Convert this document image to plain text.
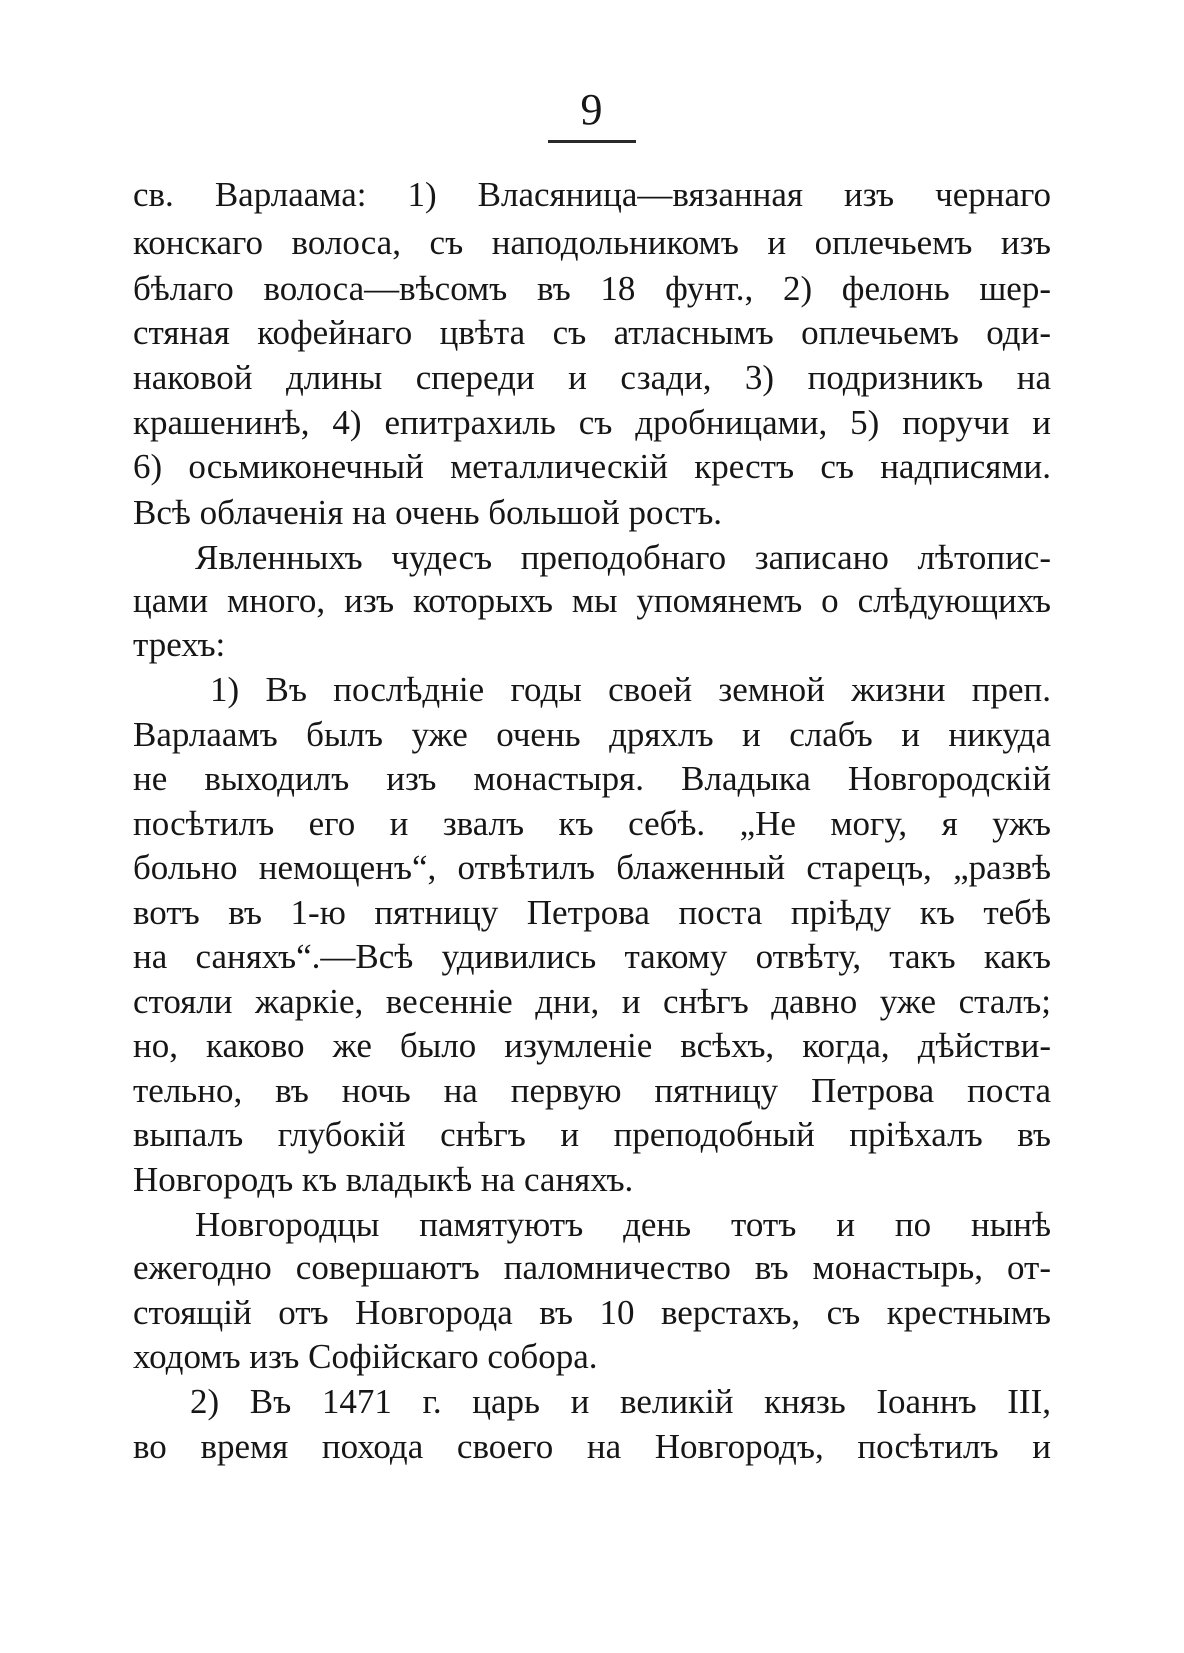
9
св. Варлаама: 1) Власяница—вязанная изъ чернаго
конскаго волоса, съ наподольникомъ и оплечьемъ изъ
бѣлаго волоса—вѣсомъ въ 18 фунт., 2) фелонь шер-
стяная кофейнаго цвѣта съ атласнымъ оплечьемъ оди-
наковой длины спереди и сзади, 3) подризникъ на
крашенинѣ, 4) епитрахиль съ дробницами, 5) поручи и
6) осьмиконечный металлическій крестъ съ надписями.
Всѣ облаченія на очень большой ростъ.
Явленныхъ чудесъ преподобнаго записано лѣтопис-
цами много, изъ которыхъ мы упомянемъ о слѣдующихъ
трехъ:
1) Въ послѣдніе годы своей земной жизни преп.
Варлаамъ былъ уже очень дряхлъ и слабъ и никуда
не выходилъ изъ монастыря. Владыка Новгородскій
посѣтилъ его и звалъ къ себѣ. „Не могу, я ужъ
больно немощенъ“, отвѣтилъ блаженный старецъ, „развѣ
вотъ въ 1-ю пятницу Петрова поста пріѣду къ тебѣ
на саняхъ“.—Всѣ удивились такому отвѣту, такъ какъ
стояли жаркіе, весенніе дни, и снѣгъ давно уже сталъ;
но, каково же было изумленіе всѣхъ, когда, дѣйстви-
тельно, въ ночь на первую пятницу Петрова поста
выпалъ глубокій снѣгъ и преподобный пріѣхалъ въ
Новгородъ къ владыкѣ на саняхъ.
Новгородцы памятуютъ день тотъ и по нынѣ
ежегодно совершаютъ паломничество въ монастырь, от-
стоящій отъ Новгорода въ 10 верстахъ, съ крестнымъ
ходомъ изъ Софійскаго собора.
2) Въ 1471 г. царь и великій князь Іоаннъ III,
во время похода своего на Новгородъ, посѣтилъ и
